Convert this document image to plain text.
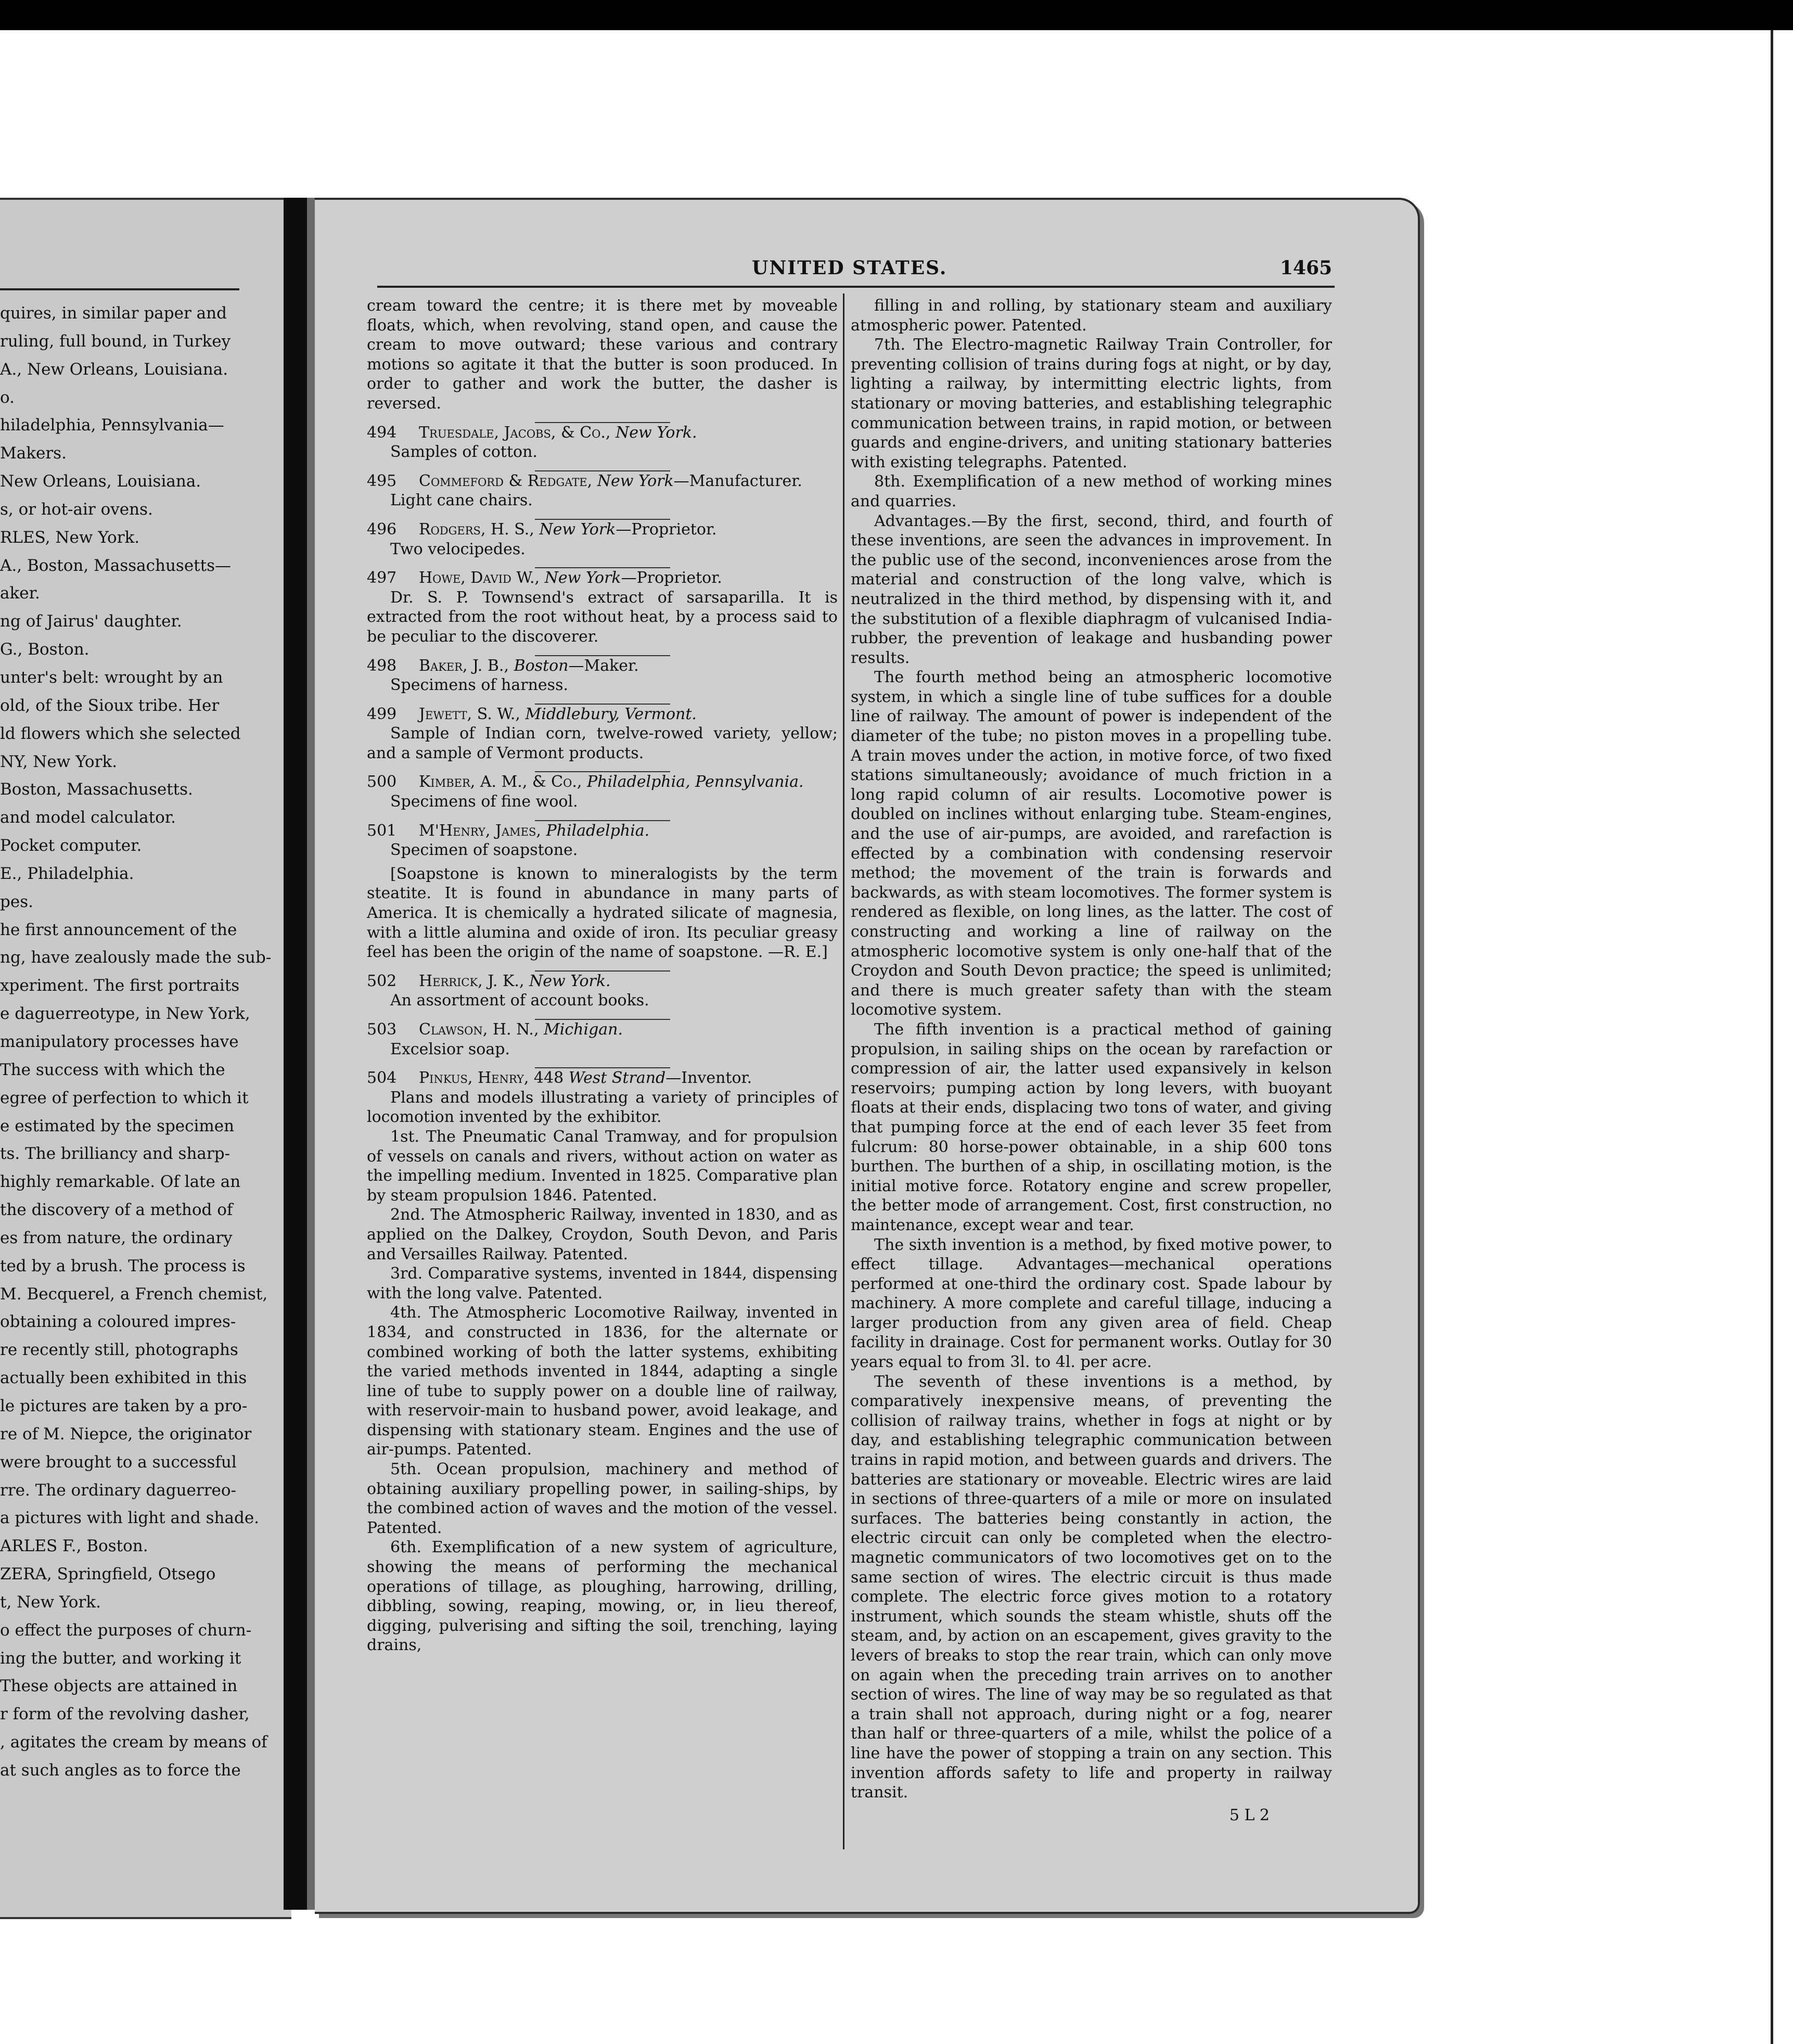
quires, in similar paper and
ruling, full bound, in Turkey
A., New Orleans, Louisiana.
o.
hiladelphia, Pennsylvania—
Makers.
New Orleans, Louisiana.
s, or hot-air ovens.
RLES, New York.
A., Boston, Massachusetts—
aker.
ng of Jairus' daughter.
G., Boston.
unter's belt: wrought by an
old, of the Sioux tribe. Her
ld flowers which she selected
NY, New York.
Boston, Massachusetts.
and model calculator.
Pocket computer.
E., Philadelphia.
pes.
he first announcement of the
ng, have zealously made the sub-
xperiment. The first portraits
e daguerreotype, in New York,
manipulatory processes have
The success with which the
egree of perfection to which it
e estimated by the specimen
ts. The brilliancy and sharp-
highly remarkable. Of late an
the discovery of a method of
es from nature, the ordinary
ted by a brush. The process is
M. Becquerel, a French chemist,
obtaining a coloured impres-
re recently still, photographs
actually been exhibited in this
le pictures are taken by a pro-
re of M. Niepce, the originator
were brought to a successful
rre. The ordinary daguerreo-
a pictures with light and shade.
ARLES F., Boston.
ZERA, Springfield, Otsego
t, New York.
o effect the purposes of churn-
ing the butter, and working it
These objects are attained in
r form of the revolving dasher,
, agitates the cream by means of
at such angles as to force the
UNITED STATES.	1465

cream toward the centre; it is there met by moveable floats, which, when revolving, stand open, and cause the cream to move outward; these various and contrary motions so agitate it that the butter is soon produced. In order to gather and work the butter, the dasher is reversed.

494 Truesdale, Jacobs, & Co., New York.

Samples of cotton.

495 Commeford & Redgate, New York—Manufacturer.

Light cane chairs.

496 Rodgers, H. S., New York—Proprietor.

Two velocipedes.

497 Howe, David W., New York—Proprietor.

Dr. S. P. Townsend's extract of sarsaparilla. It is extracted from the root without heat, by a process said to be peculiar to the discoverer.

498 Baker, J. B., Boston—Maker.

Specimens of harness.

499 Jewett, S. W., Middlebury, Vermont.

Sample of Indian corn, twelve-rowed variety, yellow; and a sample of Vermont products.

500 Kimber, A. M., & Co., Philadelphia, Pennsylvania.

Specimens of fine wool.

501 M'Henry, James, Philadelphia.

Specimen of soapstone.

[Soapstone is known to mineralogists by the term steatite. It is found in abundance in many parts of America. It is chemically a hydrated silicate of magnesia, with a little alumina and oxide of iron. Its peculiar greasy feel has been the origin of the name of soapstone. —R. E.]

502 Herrick, J. K., New York.

An assortment of account books.

503 Clawson, H. N., Michigan.

Excelsior soap.

504 Pinkus, Henry, 448 West Strand—Inventor.

Plans and models illustrating a variety of principles of locomotion invented by the exhibitor.

1st. The Pneumatic Canal Tramway, and for propulsion of vessels on canals and rivers, without action on water as the impelling medium. Invented in 1825. Comparative plan by steam propulsion 1846. Patented.

2nd. The Atmospheric Railway, invented in 1830, and as applied on the Dalkey, Croydon, South Devon, and Paris and Versailles Railway. Patented.

3rd. Comparative systems, invented in 1844, dispensing with the long valve. Patented.

4th. The Atmospheric Locomotive Railway, invented in 1834, and constructed in 1836, for the alternate or combined working of both the latter systems, exhibiting the varied methods invented in 1844, adapting a single line of tube to supply power on a double line of railway, with reservoir-main to husband power, avoid leakage, and dispensing with stationary steam. Engines and the use of air-pumps. Patented.

5th. Ocean propulsion, machinery and method of obtaining auxiliary propelling power, in sailing-ships, by the combined action of waves and the motion of the vessel. Patented.

6th. Exemplification of a new system of agriculture, showing the means of performing the mechanical operations of tillage, as ploughing, harrowing, drilling, dibbling, sowing, reaping, mowing, or, in lieu thereof, digging, pulverising and sifting the soil, trenching, laying drains,

filling in and rolling, by stationary steam and auxiliary atmospheric power. Patented.

7th. The Electro-magnetic Railway Train Controller, for preventing collision of trains during fogs at night, or by day, lighting a railway, by intermitting electric lights, from stationary or moving batteries, and establishing telegraphic communication between trains, in rapid motion, or between guards and engine-drivers, and uniting stationary batteries with existing telegraphs. Patented.

8th. Exemplification of a new method of working mines and quarries.

Advantages.—By the first, second, third, and fourth of these inventions, are seen the advances in improvement. In the public use of the second, inconveniences arose from the material and construction of the long valve, which is neutralized in the third method, by dispensing with it, and the substitution of a flexible diaphragm of vulcanised India-rubber, the prevention of leakage and husbanding power results.

The fourth method being an atmospheric locomotive system, in which a single line of tube suffices for a double line of railway. The amount of power is independent of the diameter of the tube; no piston moves in a propelling tube. A train moves under the action, in motive force, of two fixed stations simultaneously; avoidance of much friction in a long rapid column of air results. Locomotive power is doubled on inclines without enlarging tube. Steam-engines, and the use of air-pumps, are avoided, and rarefaction is effected by a combination with condensing reservoir method; the movement of the train is forwards and backwards, as with steam locomotives. The former system is rendered as flexible, on long lines, as the latter. The cost of constructing and working a line of railway on the atmospheric locomotive system is only one-half that of the Croydon and South Devon practice; the speed is unlimited; and there is much greater safety than with the steam locomotive system.

The fifth invention is a practical method of gaining propulsion, in sailing ships on the ocean by rarefaction or compression of air, the latter used expansively in kelson reservoirs; pumping action by long levers, with buoyant floats at their ends, displacing two tons of water, and giving that pumping force at the end of each lever 35 feet from fulcrum: 80 horse-power obtainable, in a ship 600 tons burthen. The burthen of a ship, in oscillating motion, is the initial motive force. Rotatory engine and screw propeller, the better mode of arrangement. Cost, first construction, no maintenance, except wear and tear.

The sixth invention is a method, by fixed motive power, to effect tillage. Advantages—mechanical operations performed at one-third the ordinary cost. Spade labour by machinery. A more complete and careful tillage, inducing a larger production from any given area of field. Cheap facility in drainage. Cost for permanent works. Outlay for 30 years equal to from 3l. to 4l. per acre.

The seventh of these inventions is a method, by comparatively inexpensive means, of preventing the collision of railway trains, whether in fogs at night or by day, and establishing telegraphic communication between trains in rapid motion, and between guards and drivers. The batteries are stationary or moveable. Electric wires are laid in sections of three-quarters of a mile or more on insulated surfaces. The batteries being constantly in action, the electric circuit can only be completed when the electro-magnetic communicators of two locomotives get on to the same section of wires. The electric circuit is thus made complete. The electric force gives motion to a rotatory instrument, which sounds the steam whistle, shuts off the steam, and, by action on an escapement, gives gravity to the levers of breaks to stop the rear train, which can only move on again when the preceding train arrives on to another section of wires. The line of way may be so regulated as that a train shall not approach, during night or a fog, nearer than half or three-quarters of a mile, whilst the police of a line have the power of stopping a train on any section. This invention affords safety to life and property in railway transit.

5 L 2
